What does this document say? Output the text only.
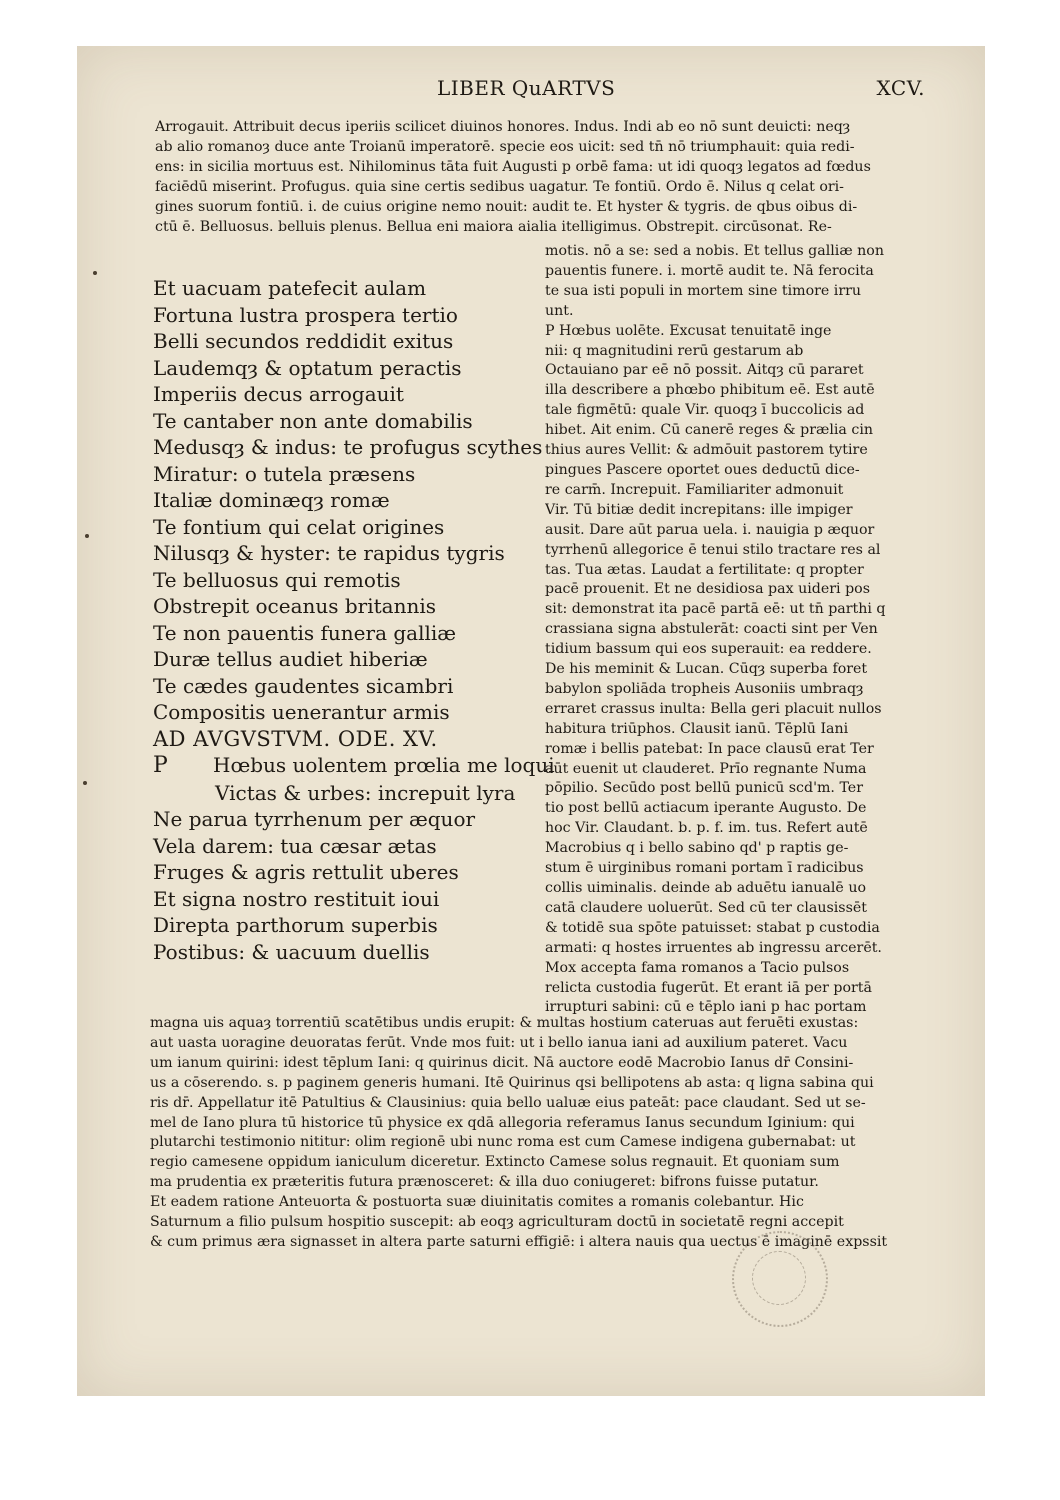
LIBER QuARTVS	XCV.
Arrogauit. Attribuit decus iperiis scilicet diuinos honores. Indus. Indi ab eo nō sunt deuicti: neqȝ
ab alio romanoȝ duce ante Troianū imperatorē. specie eos uicit: sed tn̄ nō triumphauit: quia redi-
ens: in sicilia mortuus est. Nihilominus tāta fuit Augusti p orbē fama: ut idi quoqȝ legatos ad fœdus
faciēdū miserint. Profugus. quia sine certis sedibus uagatur. Te fontiū. Ordo ē. Nilus q celat ori-
gines suorum fontiū. i. de cuius origine nemo nouit: audit te. Et hyster & tygris. de qbus oibus di-
ctū ē. Belluosus. belluis plenus. Bellua eni maiora aialia itelligimus. Obstrepit. circūsonat. Re-
motis. nō a se: sed a nobis. Et tellus galliæ non
pauentis funere. i. mortē audit te. Nā ferocita
te sua isti populi in mortem sine timore irru
unt.
P Hœbus uolēte. Excusat tenuitatē inge
nii: q magnitudini rerū gestarum ab
Octauiano par eē nō possit. Aitqȝ cū pararet
illa describere a phœbo phibitum eē. Est autē
tale figmētū: quale Vir. quoqȝ ī buccolicis ad
hibet. Ait enim. Cū canerē reges & prælia cin
thius aures Vellit: & admōuit pastorem tytire
pingues Pascere oportet oues deductū dice-
re carm̄. Increpuit. Familiariter admonuit
Vir. Tū bitiæ dedit increpitans: ille impiger
ausit. Dare aūt parua uela. i. nauigia p æquor
tyrrhenū allegorice ē tenui stilo tractare res al
tas. Tua ætas. Laudat a fertilitate: q propter
pacē prouenit. Et ne desidiosa pax uideri pos
sit: demonstrat ita pacē partā eē: ut tn̄ parthi q
crassiana signa abstulerāt: coacti sint per Ven
tidium bassum qui eos superauit: ea reddere.
De his meminit & Lucan. Cūqȝ superba foret
babylon spoliāda tropheis Ausoniis umbraqȝ
erraret crassus inulta: Bella geri placuit nullos
habitura triūphos. Clausit ianū. Tēplū Iani
romæ i bellis patebat: In pace clausū erat Ter
aūt euenit ut clauderet. Prīo regnante Numa
pōpilio. Secūdo post bellū punicū scd'm. Ter
tio post bellū actiacum iperante Augusto. De
hoc Vir. Claudant. b. p. f. im. tus. Refert autē
Macrobius q i bello sabino qd' p raptis ge-
stum ē uirginibus romani portam ī radicibus
collis uiminalis. deinde ab aduētu ianualē uo
catā claudere uoluerūt. Sed cū ter clausissēt
& totidē sua spōte patuisset: stabat p custodia
armati: q hostes irruentes ab ingressu arcerēt.
Mox accepta fama romanos a Tacio pulsos
relicta custodia fugerūt. Et erant iā per portā
irrupturi sabini: cū e tēplo iani p hac portam
Et uacuam patefecit aulam
Fortuna lustra prospera tertio
Belli secundos reddidit exitus
Laudemqȝ & optatum peractis
Imperiis decus arrogauit
Te cantaber non ante domabilis
Medusqȝ & indus: te profugus scythes
Miratur: o tutela præsens
Italiæ dominæqȝ romæ
Te fontium qui celat origines
Nilusqȝ & hyster: te rapidus tygris
Te belluosus qui remotis
Obstrepit oceanus britannis
Te non pauentis funera galliæ
Duræ tellus audiet hiberiæ
Te cædes gaudentes sicambri
Compositis uenerantur armis
AD AVGVSTVM. ODE. XV.
P Hœbus uolentem prœlia me loqui
Victas & urbes: increpuit lyra
Ne parua tyrrhenum per æquor
Vela darem: tua cæsar ætas
Fruges & agris rettulit uberes
Et signa nostro restituit ioui
Direpta parthorum superbis
Postibus: & uacuum duellis
magna uis aquaȝ torrentiū scatētibus undis erupit: & multas hostium cateruas aut feruēti exustas:
aut uasta uoragine deuoratas ferūt. Vnde mos fuit: ut i bello ianua iani ad auxilium pateret. Vacu
um ianum quirini: idest tēplum Iani: q quirinus dicit. Nā auctore eodē Macrobio Ianus dr̄ Consini-
us a cōserendo. s. p paginem generis humani. Itē Quirinus qsi bellipotens ab asta: q ligna sabina qui
ris dr̄. Appellatur itē Patultius & Clausinius: quia bello ualuæ eius pateāt: pace claudant. Sed ut se-
mel de Iano plura tū historice tū physice ex qdā allegoria referamus Ianus secundum Iginium: qui
plutarchi testimonio nititur: olim regionē ubi nunc roma est cum Camese indigena gubernabat: ut
regio camesene oppidum ianiculum diceretur. Extincto Camese solus regnauit. Et quoniam sum
ma prudentia ex præteritis futura prænosceret: & illa duo coniugeret: bifrons fuisse putatur.
Et eadem ratione Anteuorta & postuorta suæ diuinitatis comites a romanis colebantur. Hic
Saturnum a filio pulsum hospitio suscepit: ab eoqȝ agriculturam doctū in societatē regni accepit
& cum primus æra signasset in altera parte saturni effigiē: i altera nauis qua uectus ē imaginē expssit
